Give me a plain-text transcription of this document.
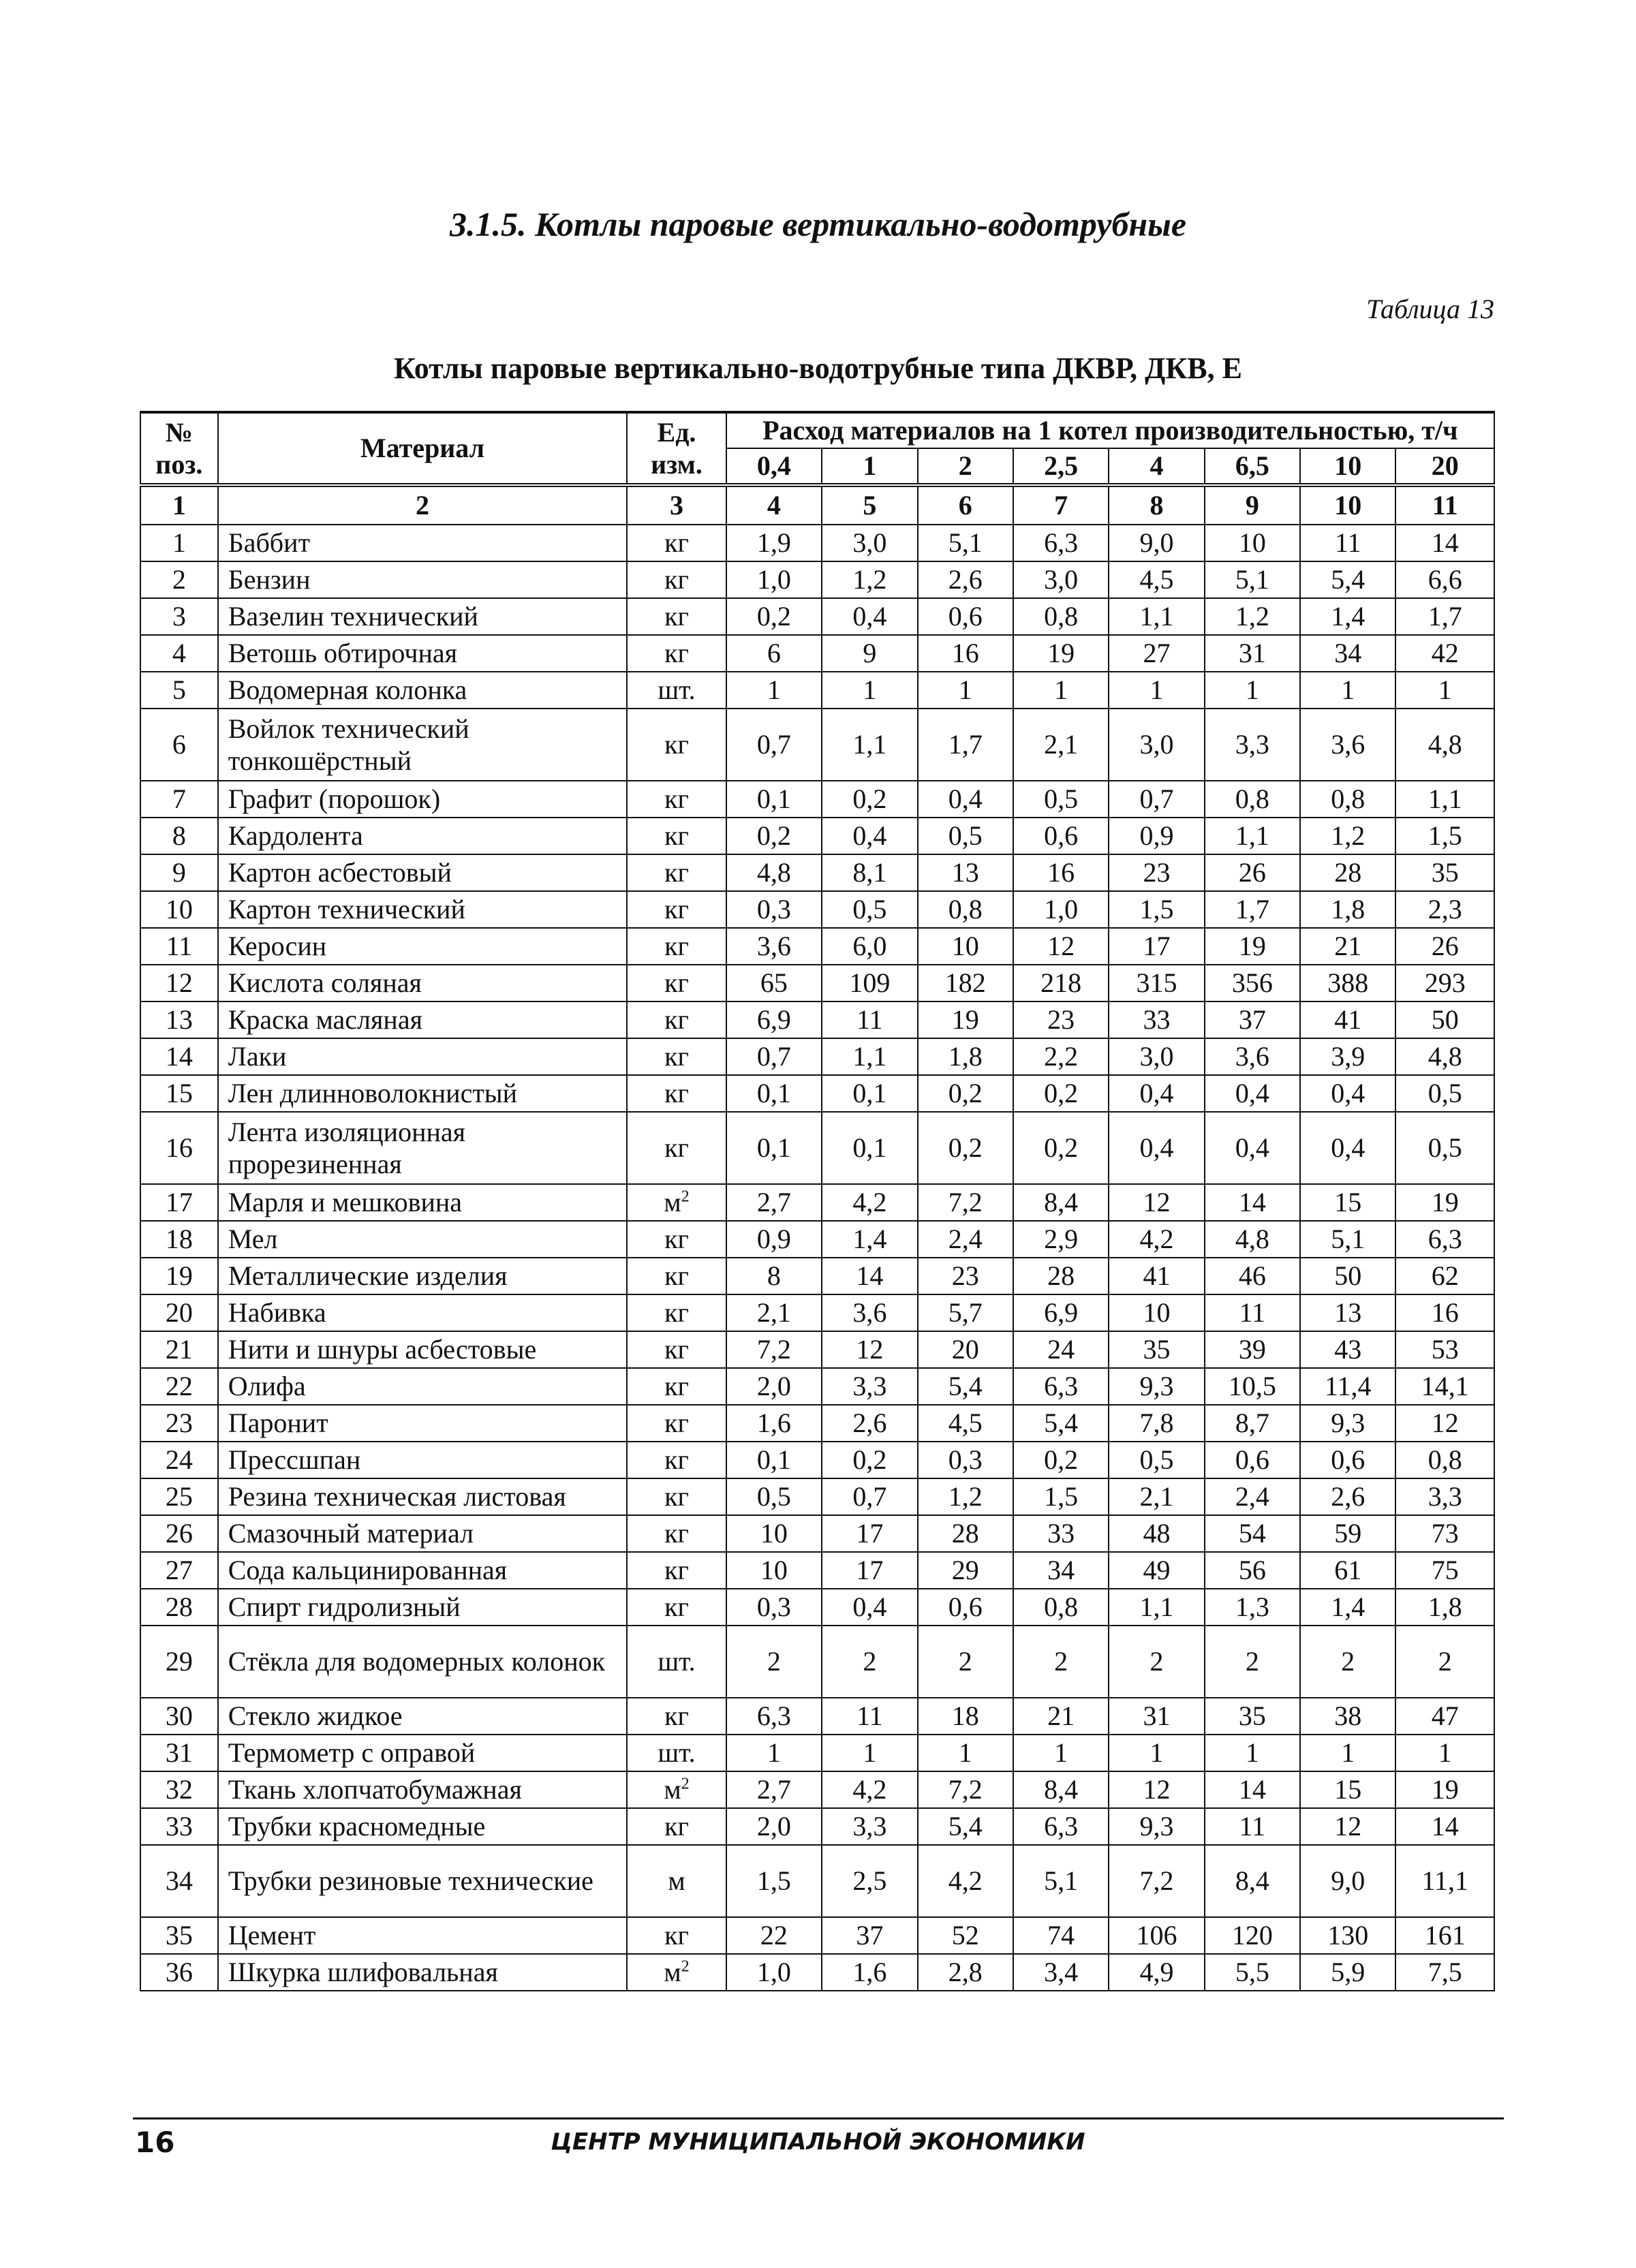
3.1.5. Котлы паровые вертикально-водотрубные

Таблица 13

Котлы паровые вертикально-водотрубные типа ДКВР, ДКВ, Е
№ поз.	Материал	Ед. изм.	Расход материалов на 1 котел производительностью, т/ч							

			0,4	1	2	2,5	4	6,5	10	20
1	2	3	4	5	6	7	8	9	10	11
1	Баббит	кг	1,9	3,0	5,1	6,3	9,0	10	11	14
2	Бензин	кг	1,0	1,2	2,6	3,0	4,5	5,1	5,4	6,6
3	Вазелин технический	кг	0,2	0,4	0,6	0,8	1,1	1,2	1,4	1,7
4	Ветошь обтирочная	кг	6	9	16	19	27	31	34	42
5	Водомерная колонка	шт.	1	1	1	1	1	1	1	1
6	Войлок технический тонкошёрстный	кг	0,7	1,1	1,7	2,1	3,0	3,3	3,6	4,8
7	Графит (порошок)	кг	0,1	0,2	0,4	0,5	0,7	0,8	0,8	1,1
8	Кардолента	кг	0,2	0,4	0,5	0,6	0,9	1,1	1,2	1,5
9	Картон асбестовый	кг	4,8	8,1	13	16	23	26	28	35
10	Картон технический	кг	0,3	0,5	0,8	1,0	1,5	1,7	1,8	2,3
11	Керосин	кг	3,6	6,0	10	12	17	19	21	26
12	Кислота соляная	кг	65	109	182	218	315	356	388	293
13	Краска масляная	кг	6,9	11	19	23	33	37	41	50
14	Лаки	кг	0,7	1,1	1,8	2,2	3,0	3,6	3,9	4,8
15	Лен длинноволокнистый	кг	0,1	0,1	0,2	0,2	0,4	0,4	0,4	0,5
16	Лента изоляционная прорезиненная	кг	0,1	0,1	0,2	0,2	0,4	0,4	0,4	0,5
17	Марля и мешковина	$м^2$	2,7	4,2	7,2	8,4	12	14	15	19
18	Мел	кг	0,9	1,4	2,4	2,9	4,2	4,8	5,1	6,3
19	Металлические изделия	кг	8	14	23	28	41	46	50	62
20	Набивка	кг	2,1	3,6	5,7	6,9	10	11	13	16
21	Нити и шнуры асбестовые	кг	7,2	12	20	24	35	39	43	53
22	Олифа	кг	2,0	3,3	5,4	6,3	9,3	10,5	11,4	14,1
23	Паронит	кг	1,6	2,6	4,5	5,4	7,8	8,7	9,3	12
24	Прессшпан	кг	0,1	0,2	0,3	0,2	0,5	0,6	0,6	0,8
25	Резина техническая листовая	кг	0,5	0,7	1,2	1,5	2,1	2,4	2,6	3,3
26	Смазочный материал	кг	10	17	28	33	48	54	59	73
27	Сода кальцинированная	кг	10	17	29	34	49	56	61	75
28	Спирт гидролизный	кг	0,3	0,4	0,6	0,8	1,1	1,3	1,4	1,8
29	Стёкла для водомерных колонок	шт.	2	2	2	2	2	2	2	2
30	Стекло жидкое	кг	6,3	11	18	21	31	35	38	47
31	Термометр с оправой	шт.	1	1	1	1	1	1	1	1
32	Ткань хлопчатобумажная	$м^2$	2,7	4,2	7,2	8,4	12	14	15	19
33	Трубки красномедные	кг	2,0	3,3	5,4	6,3	9,3	11	12	14
34	Трубки резиновые технические	м	1,5	2,5	4,2	5,1	7,2	8,4	9,0	11,1
35	Цемент	кг	22	37	52	74	106	120	130	161
36	Шкурка шлифовальная	$м^2$	1,0	1,6	2,8	3,4	4,9	5,5	5,9	7,5

16	ЦЕНТР МУНИЦИПАЛЬНОЙ ЭКОНОМИКИ
